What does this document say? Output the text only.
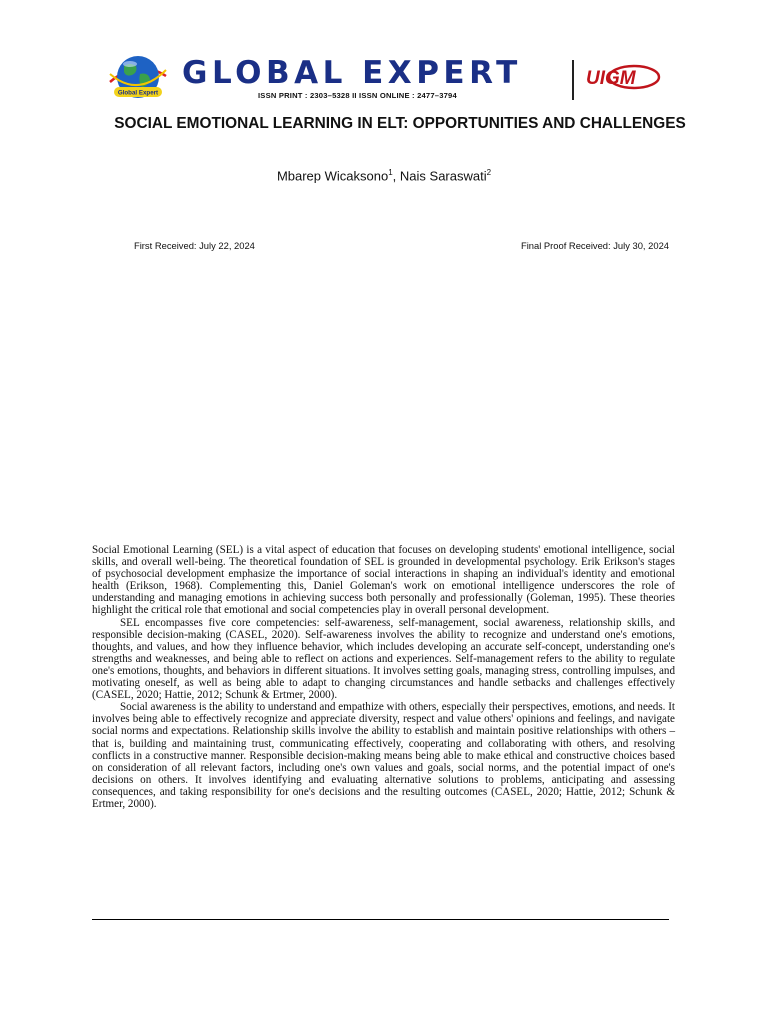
Global Expert
GLOBAL EXPERT
ISSN PRINT : 2303–5328 II ISSN ONLINE : 2477–3794
UIGM
SOCIAL EMOTIONAL LEARNING IN ELT: OPPORTUNITIES AND CHALLENGES
Mbarep Wicaksono$^1$, Nais Saraswati$^2$
First Received: July 22, 2024	Final Proof Received: July 30, 2024

Social Emotional Learning (SEL) is a vital aspect of education that focuses on developing students' emotional intelligence, social skills, and overall well-being. The theoretical foundation of SEL is grounded in developmental psychology. Erik Erikson's stages of psychosocial development emphasize the importance of social interactions in shaping an individual's identity and emotional health (Erikson, 1968). Complementing this, Daniel Goleman's work on emotional intelligence underscores the role of understanding and managing emotions in achieving success both personally and professionally (Goleman, 1995). These theories highlight the critical role that emotional and social competencies play in overall personal development.

SEL encompasses five core competencies: self-awareness, self-management, social awareness, relationship skills, and responsible decision-making (CASEL, 2020). Self-awareness involves the ability to recognize and understand one's emotions, thoughts, and values, and how they influence behavior, which includes developing an accurate self-concept, understanding one's strengths and weaknesses, and being able to reflect on actions and experiences. Self-management refers to the ability to regulate one's emotions, thoughts, and behaviors in different situations. It involves setting goals, managing stress, controlling impulses, and motivating oneself, as well as being able to adapt to changing circumstances and handle setbacks and challenges effectively (CASEL, 2020; Hattie, 2012; Schunk & Ertmer, 2000).

Social awareness is the ability to understand and empathize with others, especially their perspectives, emotions, and needs. It involves being able to effectively recognize and appreciate diversity, respect and value others' opinions and feelings, and navigate social norms and expectations. Relationship skills involve the ability to establish and maintain positive relationships with others – that is, building and maintaining trust, communicating effectively, cooperating and collaborating with others, and resolving conflicts in a constructive manner. Responsible decision-making means being able to make ethical and constructive choices based on consideration of all relevant factors, including one's own values and goals, social norms, and the potential impact of one's decisions on others. It involves identifying and evaluating alternative solutions to problems, anticipating and assessing consequences, and taking responsibility for one's decisions and the resulting outcomes (CASEL, 2020; Hattie, 2012; Schunk & Ertmer, 2000).
